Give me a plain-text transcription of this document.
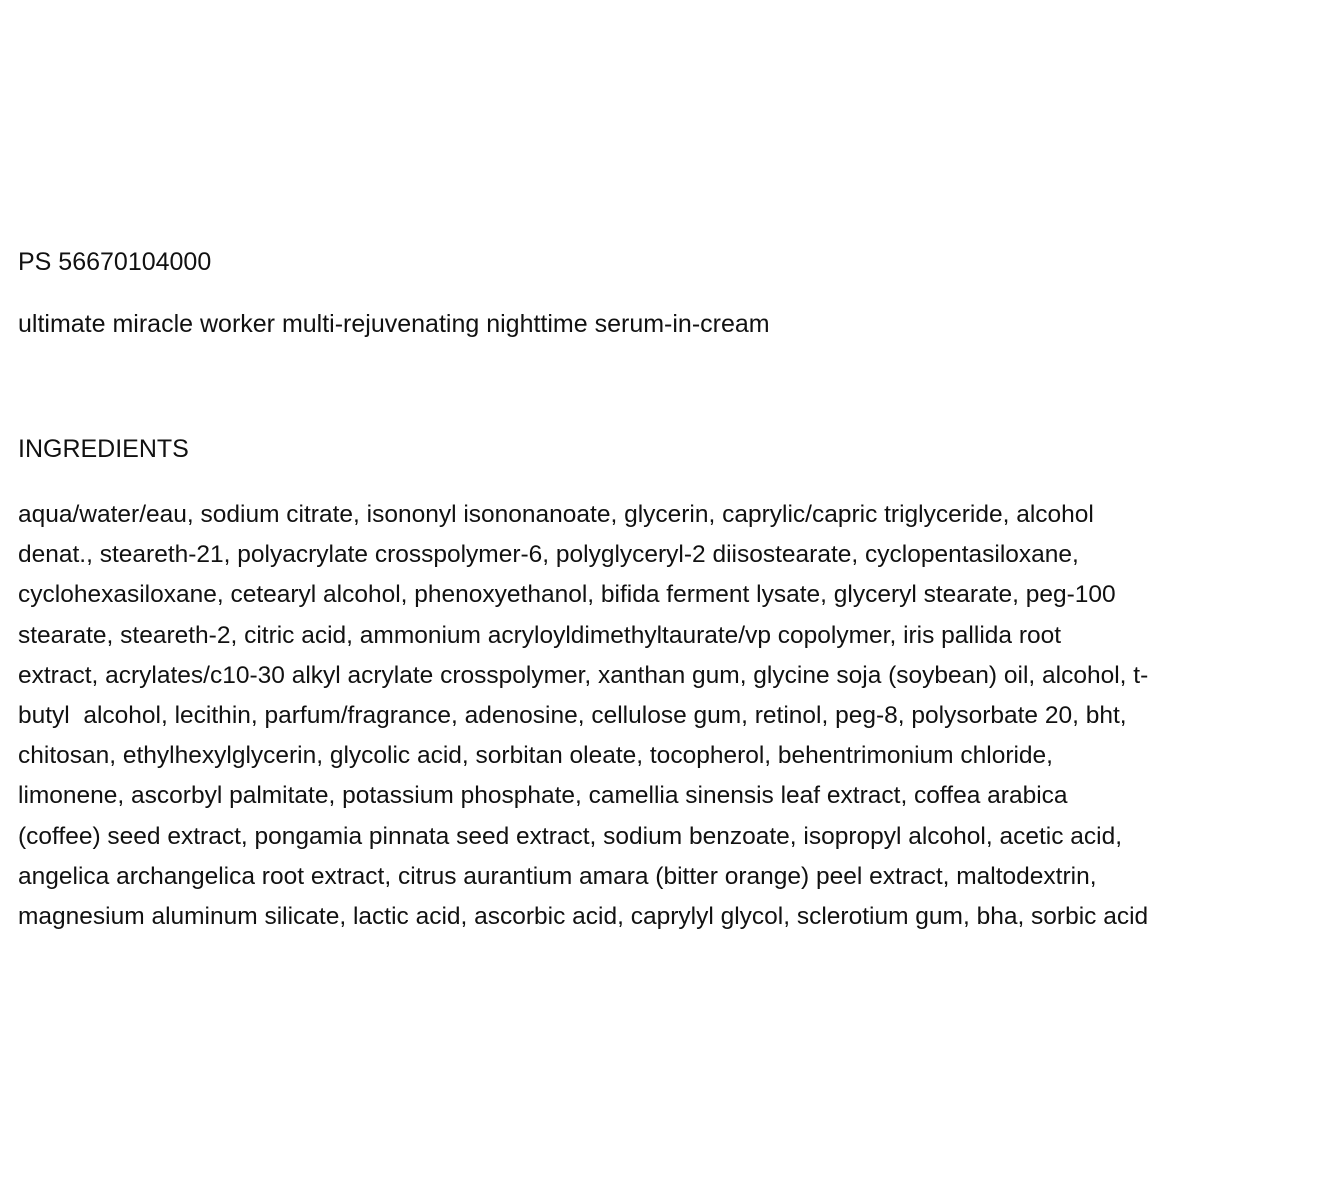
PS 56670104000
ultimate miracle worker multi-rejuvenating nighttime serum-in-cream
INGREDIENTS
aqua/water/eau, sodium citrate, isononyl isononanoate, glycerin, caprylic/capric triglyceride, alcohol
denat., steareth-21, polyacrylate crosspolymer-6, polyglyceryl-2 diisostearate, cyclopentasiloxane,
cyclohexasiloxane, cetearyl alcohol, phenoxyethanol, bifida ferment lysate, glyceryl stearate, peg-100
stearate, steareth-2, citric acid, ammonium acryloyldimethyltaurate/vp copolymer, iris pallida root
extract, acrylates/c10-30 alkyl acrylate crosspolymer, xanthan gum, glycine soja (soybean) oil, alcohol, t-
butyl  alcohol, lecithin, parfum/fragrance, adenosine, cellulose gum, retinol, peg-8, polysorbate 20, bht,
chitosan, ethylhexylglycerin, glycolic acid, sorbitan oleate, tocopherol, behentrimonium chloride,
limonene, ascorbyl palmitate, potassium phosphate, camellia sinensis leaf extract, coffea arabica
(coffee) seed extract, pongamia pinnata seed extract, sodium benzoate, isopropyl alcohol, acetic acid,
angelica archangelica root extract, citrus aurantium amara (bitter orange) peel extract, maltodextrin,
magnesium aluminum silicate, lactic acid, ascorbic acid, caprylyl glycol, sclerotium gum, bha, sorbic acid
